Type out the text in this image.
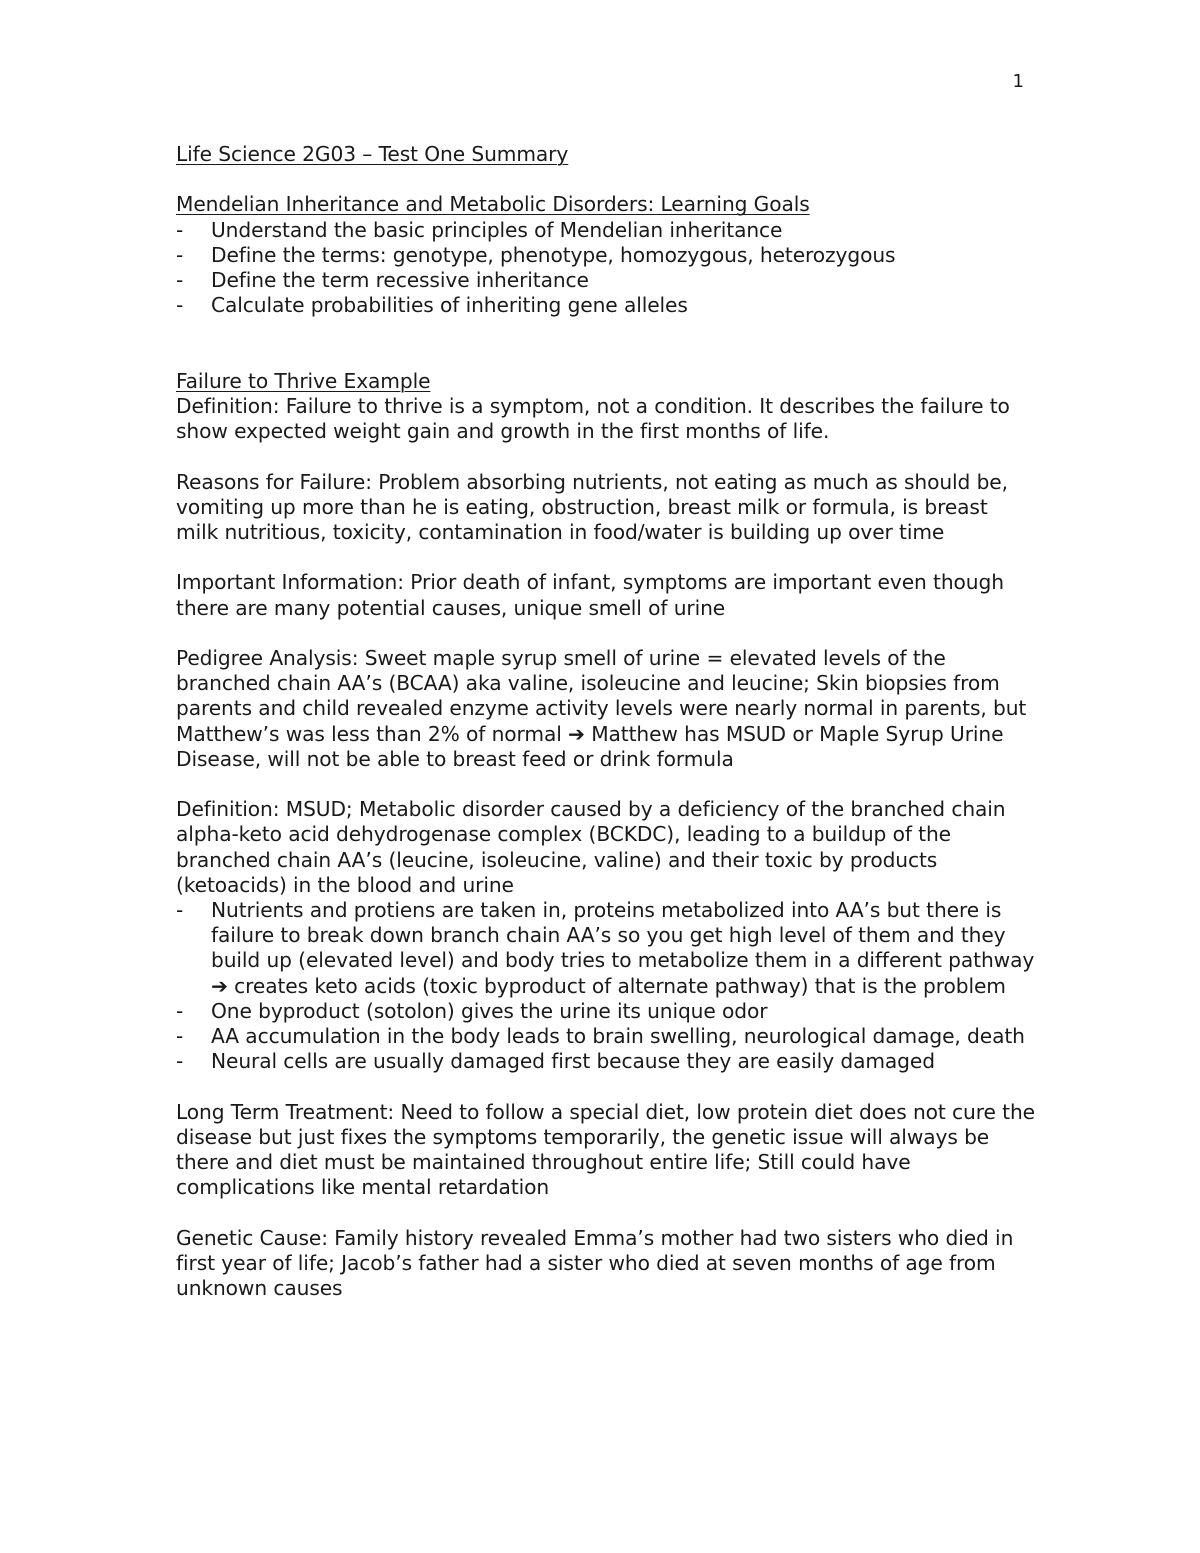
1

Life Science 2G03 – Test One Summary

Mendelian Inheritance and Metabolic Disorders: Learning Goals

- Understand the basic principles of Mendelian inheritance
- Define the terms: genotype, phenotype, homozygous, heterozygous
- Define the term recessive inheritance
- Calculate probabilities of inheriting gene alleles

Failure to Thrive Example

Definition: Failure to thrive is a symptom, not a condition. It describes the failure to show expected weight gain and growth in the first months of life.

Reasons for Failure: Problem absorbing nutrients, not eating as much as should be, vomiting up more than he is eating, obstruction, breast milk or formula, is breast milk nutritious, toxicity, contamination in food/water is building up over time

Important Information: Prior death of infant, symptoms are important even though there are many potential causes, unique smell of urine

Pedigree Analysis: Sweet maple syrup smell of urine = elevated levels of the branched chain AA’s (BCAA) aka valine, isoleucine and leucine; Skin biopsies from parents and child revealed enzyme activity levels were nearly normal in parents, but Matthew’s was less than 2% of normal ➔ Matthew has MSUD or Maple Syrup Urine Disease, will not be able to breast feed or drink formula

Definition: MSUD; Metabolic disorder caused by a deficiency of the branched chain alpha-keto acid dehydrogenase complex (BCKDC), leading to a buildup of the branched chain AA’s (leucine, isoleucine, valine) and their toxic by products (ketoacids) in the blood and urine

- Nutrients and protiens are taken in, proteins metabolized into AA’s but there is failure to break down branch chain AA’s so you get high level of them and they build up (elevated level) and body tries to metabolize them in a different pathway ➔ creates keto acids (toxic byproduct of alternate pathway) that is the problem
- One byproduct (sotolon) gives the urine its unique odor
- AA accumulation in the body leads to brain swelling, neurological damage, death
- Neural cells are usually damaged first because they are easily damaged

Long Term Treatment: Need to follow a special diet, low protein diet does not cure the disease but just fixes the symptoms temporarily, the genetic issue will always be there and diet must be maintained throughout entire life; Still could have complications like mental retardation

Genetic Cause: Family history revealed Emma’s mother had two sisters who died in first year of life; Jacob’s father had a sister who died at seven months of age from unknown causes
